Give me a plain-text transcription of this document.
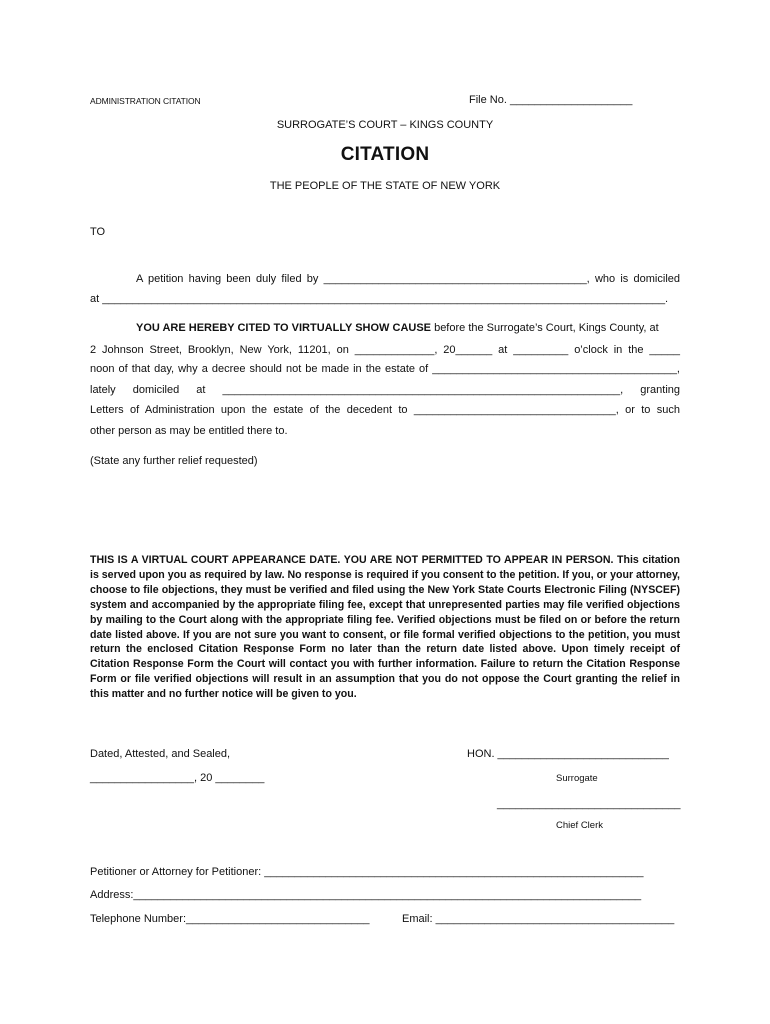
ADMINISTRATION CITATION	File No. ____________________
SURROGATE’S COURT – KINGS COUNTY
CITATION
THE PEOPLE OF THE STATE OF NEW YORK
TO
A petition having been duly filed by ___________________________________________, who is domiciled
at ____________________________________________________________________________________________.
YOU ARE HEREBY CITED TO VIRTUALLY SHOW CAUSE before the Surrogate’s Court, Kings County, at
2 Johnson Street, Brooklyn, New York, 11201, on _____________, 20______ at _________ o’clock in the _____
noon of that day, why a decree should not be made in the estate of ________________________________________,
lately domiciled at _________________________________________________________________, granting
Letters of Administration upon the estate of the decedent to _________________________________, or to such
other person as may be entitled there to.
(State any further relief requested)
THIS IS A VIRTUAL COURT APPEARANCE DATE. YOU ARE NOT PERMITTED TO APPEAR IN PERSON. This citation is served upon you as required by law. No response is required if you consent to the petition. If you, or your attorney, choose to file objections, they must be verified and filed using the New York State Courts Electronic Filing (NYSCEF) system and accompanied by the appropriate filing fee, except that unrepresented parties may file verified objections by mailing to the Court along with the appropriate filing fee. Verified objections must be filed on or before the return date listed above. If you are not sure you want to consent, or file formal verified objections to the petition, you must return the enclosed Citation Response Form no later than the return date listed above. Upon timely receipt of Citation Response Form the Court will contact you with further information. Failure to return the Citation Response Form or file verified objections will result in an assumption that you do not oppose the Court granting the relief in this matter and no further notice will be given to you.
Dated, Attested, and Sealed,	HON. ____________________________
_________________, 20 ________	Surrogate
______________________________
Chief Clerk
Petitioner or Attorney for Petitioner: ______________________________________________________________
Address:___________________________________________________________________________________
Telephone Number:______________________________	Email: _______________________________________
